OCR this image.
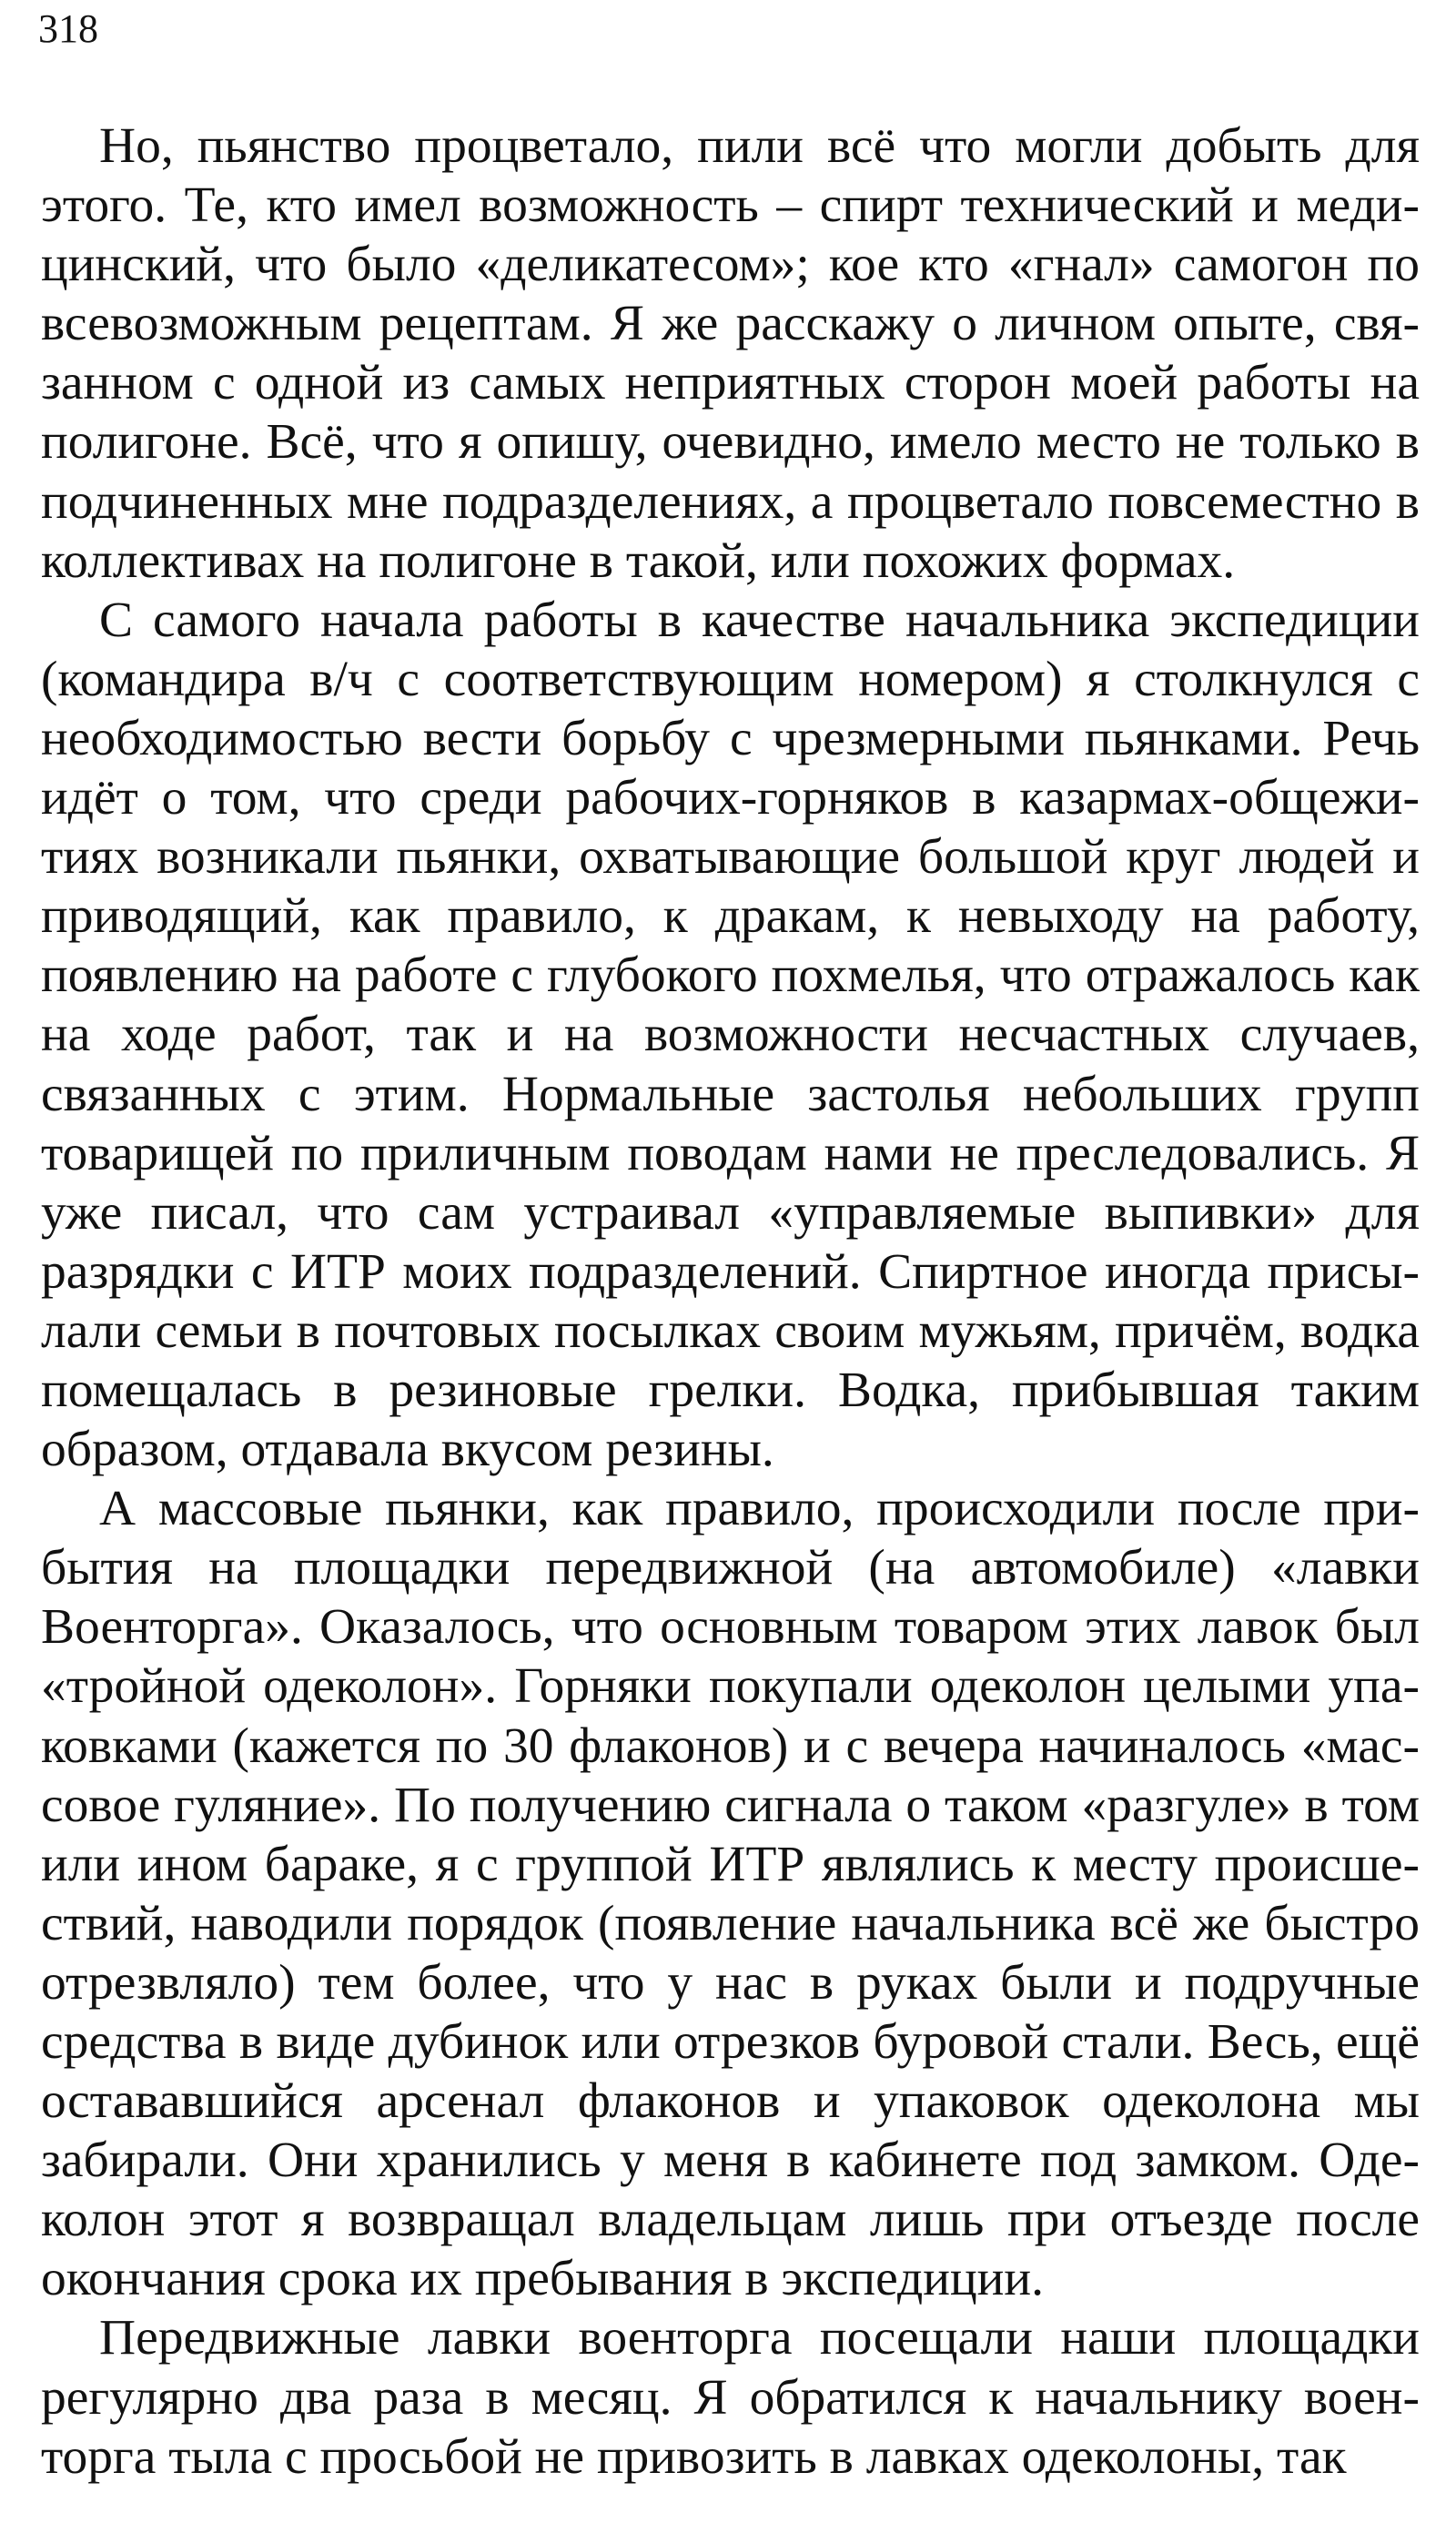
318

Но, пьянство процветало, пили всё что могли добыть для этого. Те, кто имел возможность – спирт технический и медицинский, что было «деликатесом»; кое кто «гнал» самогон по всевозможным рецептам. Я же расскажу о личном опыте, связанном с одной из самых неприятных сторон моей работы на полигоне. Всё, что я опишу, очевидно, имело место не только в подчиненных мне подразделениях, а процветало повсеместно в коллективах на полигоне в такой, или похожих формах.

С самого начала работы в качестве начальника экспедиции (командира в/ч с соответствующим номером) я столкнулся с необходимостью вести борьбу с чрезмерными пьянками. Речь идёт о том, что среди рабочих-горняков в казармах-общежитиях возникали пьянки, охватывающие большой круг людей и приводящий, как правило, к дракам, к невыходу на работу, появлению на работе с глубокого похмелья, что отражалось как на ходе работ, так и на возможности несчастных случаев, связанных с этим. Нормальные застолья небольших групп товарищей по приличным поводам нами не преследовались. Я уже писал, что сам устраивал «управляемые выпивки» для разрядки с ИТР моих подразделений. Спиртное иногда присылали семьи в почтовых посылках своим мужьям, причём, водка помещалась в резиновые грелки. Водка, прибывшая таким образом, отдавала вкусом резины.

А массовые пьянки, как правило, происходили после прибытия на площадки передвижной (на автомобиле) «лавки Военторга». Оказалось, что основным товаром этих лавок был «тройной одеколон». Горняки покупали одеколон целыми упаковками (кажется по 30 флаконов) и с вечера начиналось «массовое гуляние». По получению сигнала о таком «разгуле» в том или ином бараке, я с группой ИТР являлись к месту происшествий, наводили порядок (появление начальника всё же быстро отрезвляло) тем более, что у нас в руках были и подручные средства в виде дубинок или отрезков буровой стали. Весь, ещё остававшийся арсенал флаконов и упаковок одеколона мы забирали. Они хранились у меня в кабинете под замком. Одеколон этот я возвращал владельцам лишь при отъезде после окончания срока их пребывания в экспедиции.

Передвижные лавки военторга посещали наши площадки регулярно два раза в месяц. Я обратился к начальнику военторга тыла с просьбой не привозить в лавках одеколоны, так
